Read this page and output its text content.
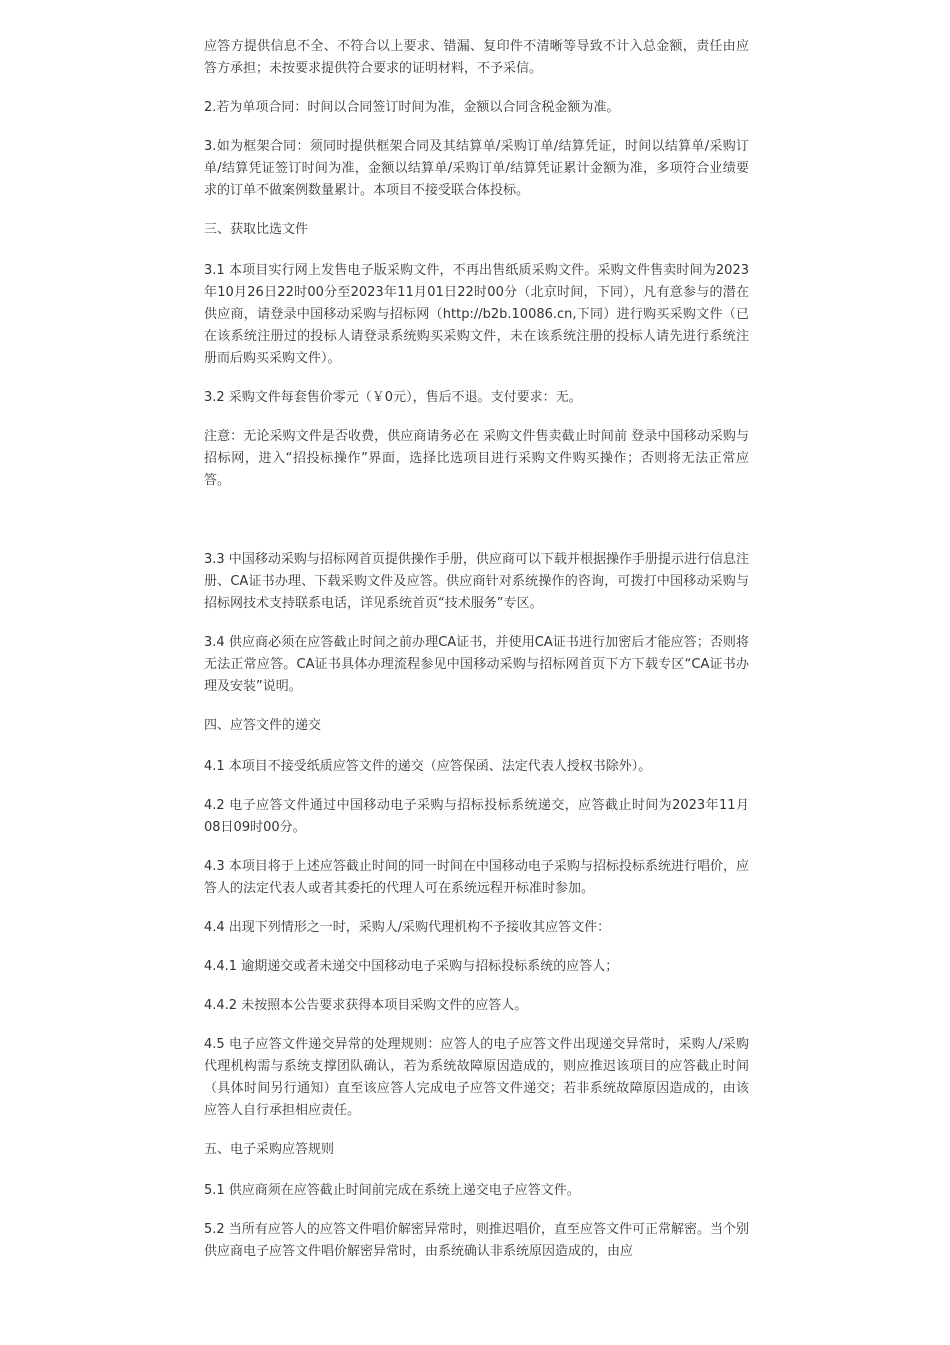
应答方提供信息不全、不符合以上要求、错漏、复印件不清晰等导致不计入总金额，责任由应答方承担；未按要求提供符合要求的证明材料，不予采信。

2.若为单项合同：时间以合同签订时间为准，金额以合同含税金额为准。

3.如为框架合同：须同时提供框架合同及其结算单/采购订单/结算凭证，时间以结算单/采购订单/结算凭证签订时间为准，金额以结算单/采购订单/结算凭证累计金额为准，多项符合业绩要求的订单不做案例数量累计。本项目不接受联合体投标。

三、获取比选文件

3.1 本项目实行网上发售电子版采购文件，不再出售纸质采购文件。采购文件售卖时间为2023年10月26日22时00分至2023年11月01日22时00分（北京时间，下同），凡有意参与的潜在供应商，请登录中国移动采购与招标网（http://b2b.10086.cn,下同）进行购买采购文件（已在该系统注册过的投标人请登录系统购买采购文件，未在该系统注册的投标人请先进行系统注册而后购买采购文件）。

3.2 采购文件每套售价零元（￥0元），售后不退。支付要求：无。

注意：无论采购文件是否收费，供应商请务必在 采购文件售卖截止时间前 登录中国移动采购与招标网，进入“招投标操作”界面，选择比选项目进行采购文件购买操作；否则将无法正常应答。

3.3 中国移动采购与招标网首页提供操作手册，供应商可以下载并根据操作手册提示进行信息注册、CA证书办理、下载采购文件及应答。供应商针对系统操作的咨询，可拨打中国移动采购与招标网技术支持联系电话，详见系统首页“技术服务”专区。

3.4 供应商必须在应答截止时间之前办理CA证书，并使用CA证书进行加密后才能应答；否则将无法正常应答。CA证书具体办理流程参见中国移动采购与招标网首页下方下载专区“CA证书办理及安装”说明。

四、应答文件的递交

4.1 本项目不接受纸质应答文件的递交（应答保函、法定代表人授权书除外）。

4.2 电子应答文件通过中国移动电子采购与招标投标系统递交，应答截止时间为2023年11月08日09时00分。

4.3 本项目将于上述应答截止时间的同一时间在中国移动电子采购与招标投标系统进行唱价，应答人的法定代表人或者其委托的代理人可在系统远程开标准时参加。

4.4 出现下列情形之一时，采购人/采购代理机构不予接收其应答文件：

4.4.1 逾期递交或者未递交中国移动电子采购与招标投标系统的应答人；

4.4.2 未按照本公告要求获得本项目采购文件的应答人。

4.5 电子应答文件递交异常的处理规则：应答人的电子应答文件出现递交异常时，采购人/采购代理机构需与系统支撑团队确认，若为系统故障原因造成的，则应推迟该项目的应答截止时间（具体时间另行通知）直至该应答人完成电子应答文件递交；若非系统故障原因造成的，由该应答人自行承担相应责任。

五、电子采购应答规则

5.1 供应商须在应答截止时间前完成在系统上递交电子应答文件。

5.2 当所有应答人的应答文件唱价解密异常时，则推迟唱价，直至应答文件可正常解密。当个别供应商电子应答文件唱价解密异常时，由系统确认非系统原因造成的，由应
